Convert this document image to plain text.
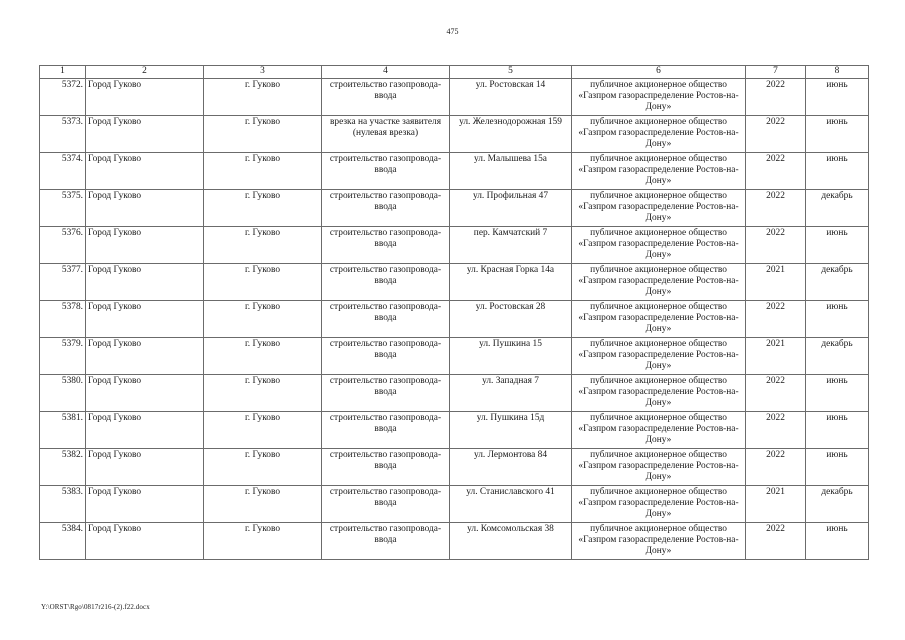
475
1	2	3	4	5	6	7	8
5372.	Город Гуково	г. Гуково	строительство газопровода-ввода	ул. Ростовская 14	публичное акционерное общество «Газпром газораспределение Ростов-на-Дону»	2022	июнь
5373.	Город Гуково	г. Гуково	врезка на участке заявителя (нулевая врезка)	ул. Железнодорожная 159	публичное акционерное общество «Газпром газораспределение Ростов-на-Дону»	2022	июнь
5374.	Город Гуково	г. Гуково	строительство газопровода-ввода	ул. Малышева 15а	публичное акционерное общество «Газпром газораспределение Ростов-на-Дону»	2022	июнь
5375.	Город Гуково	г. Гуково	строительство газопровода-ввода	ул. Профильная 47	публичное акционерное общество «Газпром газораспределение Ростов-на-Дону»	2022	декабрь
5376.	Город Гуково	г. Гуково	строительство газопровода-ввода	пер. Камчатский 7	публичное акционерное общество «Газпром газораспределение Ростов-на-Дону»	2022	июнь
5377.	Город Гуково	г. Гуково	строительство газопровода-ввода	ул. Красная Горка 14а	публичное акционерное общество «Газпром газораспределение Ростов-на-Дону»	2021	декабрь
5378.	Город Гуково	г. Гуково	строительство газопровода-ввода	ул. Ростовская 28	публичное акционерное общество «Газпром газораспределение Ростов-на-Дону»	2022	июнь
5379.	Город Гуково	г. Гуково	строительство газопровода-ввода	ул. Пушкина 15	публичное акционерное общество «Газпром газораспределение Ростов-на-Дону»	2021	декабрь
5380.	Город Гуково	г. Гуково	строительство газопровода-ввода	ул. Западная 7	публичное акционерное общество «Газпром газораспределение Ростов-на-Дону»	2022	июнь
5381.	Город Гуково	г. Гуково	строительство газопровода-ввода	ул. Пушкина 15д	публичное акционерное общество «Газпром газораспределение Ростов-на-Дону»	2022	июнь
5382.	Город Гуково	г. Гуково	строительство газопровода-ввода	ул. Лермонтова 84	публичное акционерное общество «Газпром газораспределение Ростов-на-Дону»	2022	июнь
5383.	Город Гуково	г. Гуково	строительство газопровода-ввода	ул. Станиславского 41	публичное акционерное общество «Газпром газораспределение Ростов-на-Дону»	2021	декабрь
5384.	Город Гуково	г. Гуково	строительство газопровода-ввода	ул. Комсомольская 38	публичное акционерное общество «Газпром газораспределение Ростов-на-Дону»	2022	июнь
Y:\ORST\Rgo\0817r216-(2).f22.docx
